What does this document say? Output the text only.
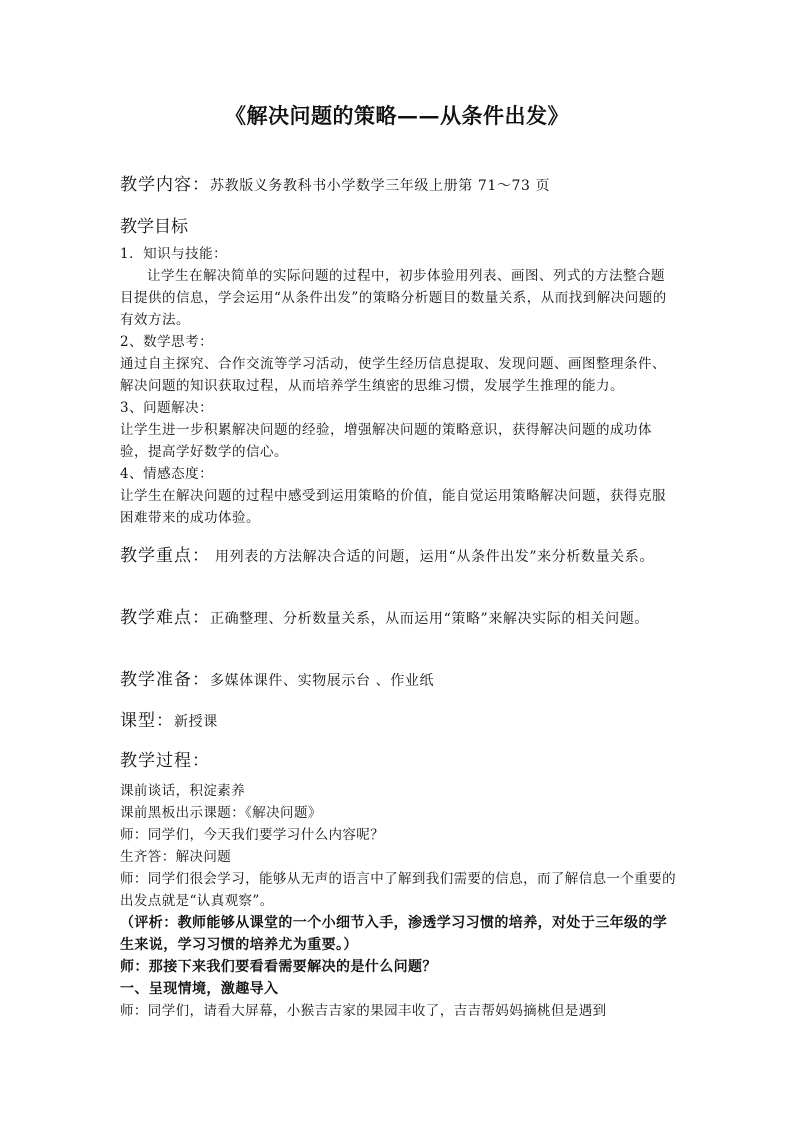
《解决问题的策略——从条件出发》
教学内容：苏教版义务教科书小学数学三年级上册第 71～73 页
教学目标

1．知识与技能：

让学生在解决简单的实际问题的过程中，初步体验用列表、画图、列式的方法整合题目提供的信息，学会运用“从条件出发”的策略分析题目的数量关系，从而找到解决问题的有效方法。

2、数学思考：

通过自主探究、合作交流等学习活动，使学生经历信息提取、发现问题、画图整理条件、解决问题的知识获取过程，从而培养学生缜密的思维习惯，发展学生推理的能力。

3、问题解决：

让学生进一步积累解决问题的经验，增强解决问题的策略意识，获得解决问题的成功体验，提高学好数学的信心。

4、情感态度：

让学生在解决问题的过程中感受到运用策略的价值，能自觉运用策略解决问题，获得克服困难带来的成功体验。

教学重点： 用列表的方法解决合适的问题，运用“从条件出发”来分析数量关系。
教学难点：正确整理、分析数量关系，从而运用“策略”来解决实际的相关问题。
教学准备：多媒体课件、实物展示台 、作业纸
课型：新授课
教学过程：

课前谈话，积淀素养

课前黑板出示课题：《解决问题》

师：同学们，今天我们要学习什么内容呢？

生齐答：解决问题

师：同学们很会学习，能够从无声的语言中了解到我们需要的信息，而了解信息一个重要的出发点就是“认真观察”。

（评析：教师能够从课堂的一个小细节入手，渗透学习习惯的培养，对处于三年级的学生来说，学习习惯的培养尤为重要。）

师：那接下来我们要看看需要解决的是什么问题？

一、呈现情境，激趣导入

师：同学们，请看大屏幕，小猴吉吉家的果园丰收了，吉吉帮妈妈摘桃但是遇到
